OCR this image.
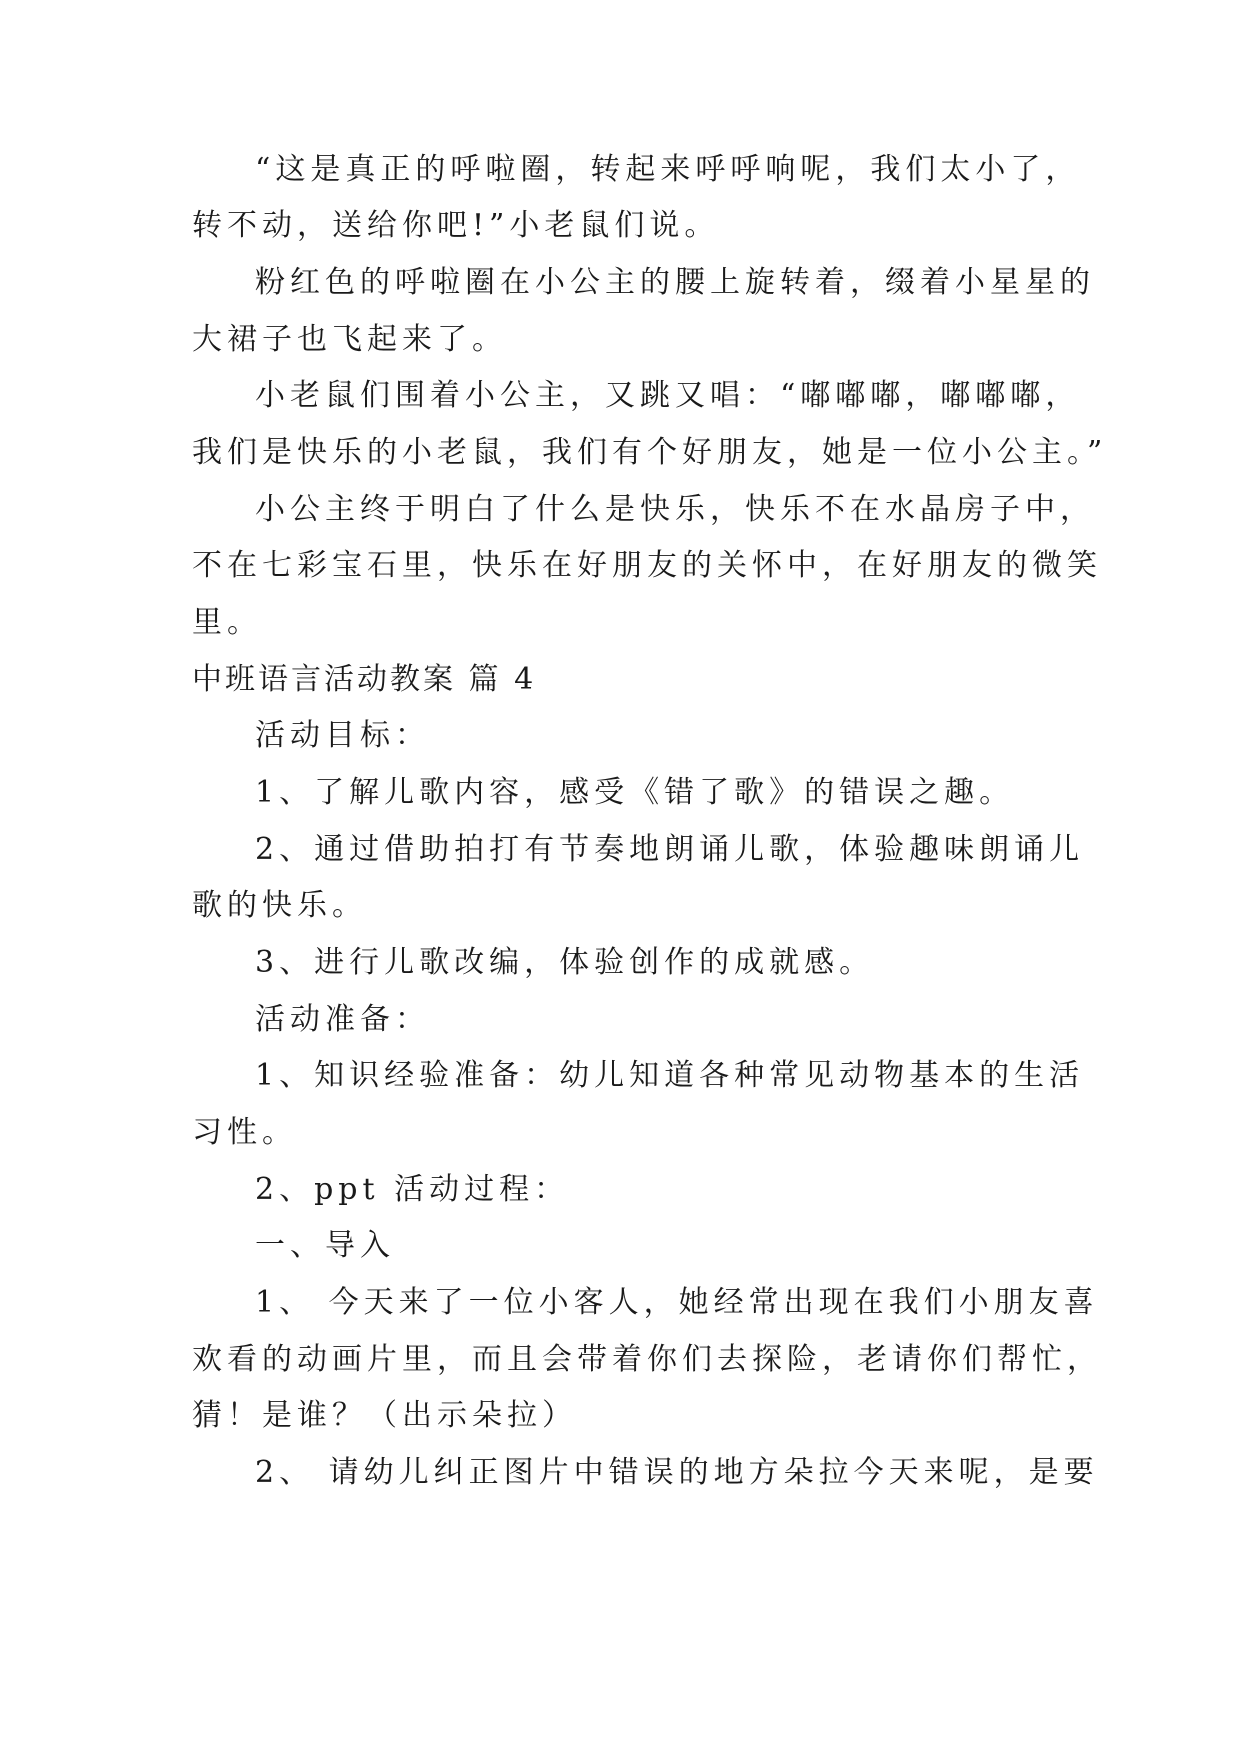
“这是真正的呼啦圈，转起来呼呼响呢，我们太小了，
转不动，送给你吧!”小老鼠们说。
粉红色的呼啦圈在小公主的腰上旋转着，缀着小星星的
大裙子也飞起来了。
小老鼠们围着小公主，又跳又唱：“嘟嘟嘟，嘟嘟嘟，
我们是快乐的小老鼠，我们有个好朋友，她是一位小公主。”
小公主终于明白了什么是快乐，快乐不在水晶房子中，
不在七彩宝石里，快乐在好朋友的关怀中，在好朋友的微笑
里。
中班语言活动教案 篇 4
活动目标：
1、了解儿歌内容，感受《错了歌》的错误之趣。
2、通过借助拍打有节奏地朗诵儿歌，体验趣味朗诵儿
歌的快乐。
3、进行儿歌改编，体验创作的成就感。
活动准备：
1、知识经验准备：幼儿知道各种常见动物基本的生活
习性。
2、ppt 活动过程：
一、导入
1、 今天来了一位小客人，她经常出现在我们小朋友喜
欢看的动画片里，而且会带着你们去探险，老请你们帮忙，
猜！是谁？（出示朵拉）
2、 请幼儿纠正图片中错误的地方朵拉今天来呢，是要
